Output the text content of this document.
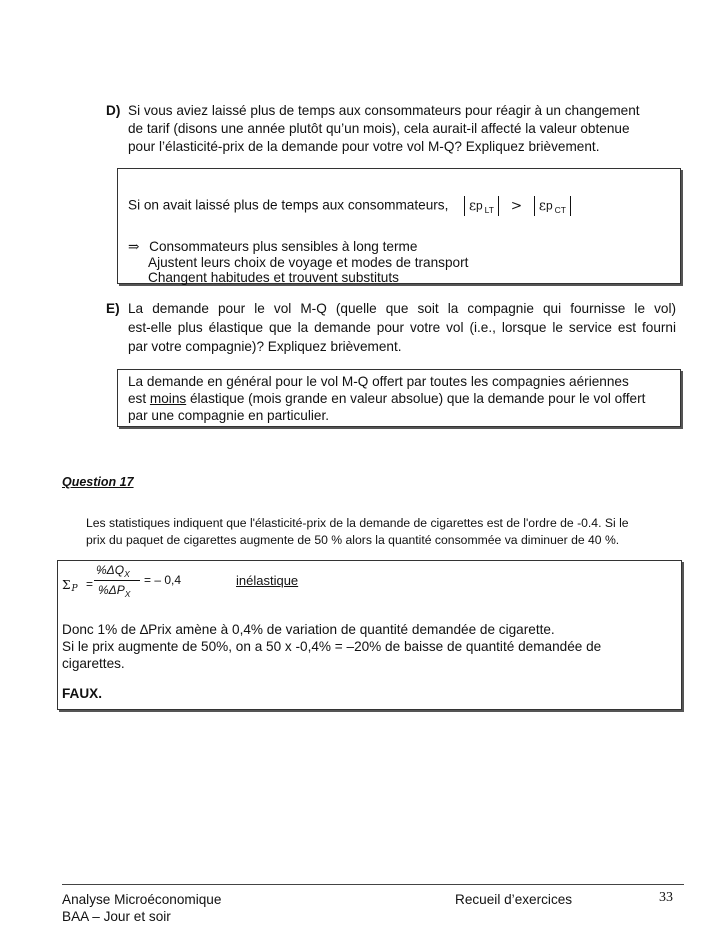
D) Si vous aviez laissé plus de temps aux consommateurs pour réagir à un changement
de tarif (disons une année plutôt qu’un mois), cela aurait-il affecté la valeur obtenue
pour l’élasticité-prix de la demande pour votre vol M-Q? Expliquez brièvement.
Si on avait laissé plus de temps aux consommateurs, εp $_{LT}$ > εp $_{CT}$
⇒ Consommateurs plus sensibles à long terme
Ajustent leurs choix de voyage et modes de transport
Changent habitudes et trouvent substituts
E) La demande pour le vol M-Q (quelle que soit la compagnie qui fournisse le vol)
est-elle plus élastique que la demande pour votre vol (i.e., lorsque le service est fourni
par votre compagnie)? Expliquez brièvement.
La demande en général pour le vol M-Q offert par toutes les compagnies aériennes
est moins élastique (mois grande en valeur absolue) que la demande pour le vol offert
par une compagnie en particulier.
Question 17
Les statistiques indiquent que l'élasticité-prix de la demande de cigarettes est de l'ordre de -0.4. Si le
prix du paquet de cigarettes augmente de 50 % alors la quantité consommée va diminuer de 40 %.
ΣP =
$\%\Delta Q_X$
$\%\Delta P_X$
= – 0,4	inélastique
Donc 1% de ∆Prix amène à 0,4% de variation de quantité demandée de cigarette.
Si le prix augmente de 50%, on a 50 x -0,4% = –20% de baisse de quantité demandée de
cigarettes.
FAUX.
Analyse Microéconomique
BAA – Jour et soir
Recueil d’exercices	33
